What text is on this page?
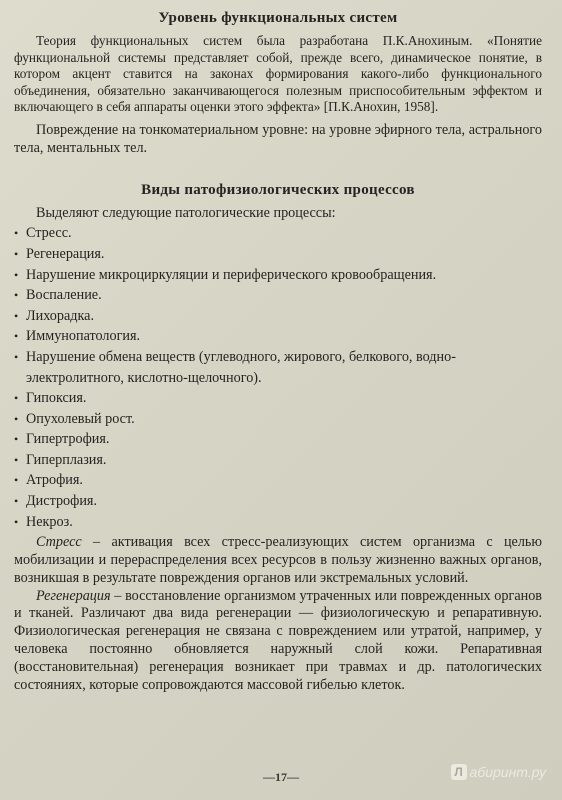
Уровень функциональных систем

Теория функциональных систем была разработана П.К.Анохиным. «Понятие функциональной системы представляет собой, прежде всего, динамическое понятие, в котором акцент ставится на законах формирования какого-либо функционального объединения, обязательно заканчивающегося полезным приспособительным эффектом и включающего в себя аппараты оценки этого эффекта» [П.К.Анохин, 1958].

Повреждение на тонкоматериальном уровне: на уровне эфирного тела, астрального тела, ментальных тел.

Виды патофизиологических процессов

Выделяют следующие патологические процессы:

• Стресс.
• Регенерация.
• Нарушение микроциркуляции и периферического кровообращения.
• Воспаление.
• Лихорадка.
• Иммунопатология.
• Нарушение обмена веществ (углеводного, жирового, белкового, водно-электролитного, кислотно-щелочного).
• Гипоксия.
• Опухолевый рост.
• Гипертрофия.
• Гиперплазия.
• Атрофия.
• Дистрофия.
• Некроз.

Стресс – активация всех стресс-реализующих систем организма с целью мобилизации и перераспределения всех ресурсов в пользу жизненно важных органов, возникшая в результате повреждения органов или экстремальных условий.

Регенерация – восстановление организмом утраченных или поврежденных органов и тканей. Различают два вида регенерации — физиологическую и репаративную. Физиологическая регенерация не связана с повреждением или утратой, например, у человека постоянно обновляется наружный слой кожи. Репаративная (восстановительная) регенерация возникает при травмах и др. патологических состояниях, которые сопровождаются массовой гибелью клеток.

—17—	Л абиринт.ру
